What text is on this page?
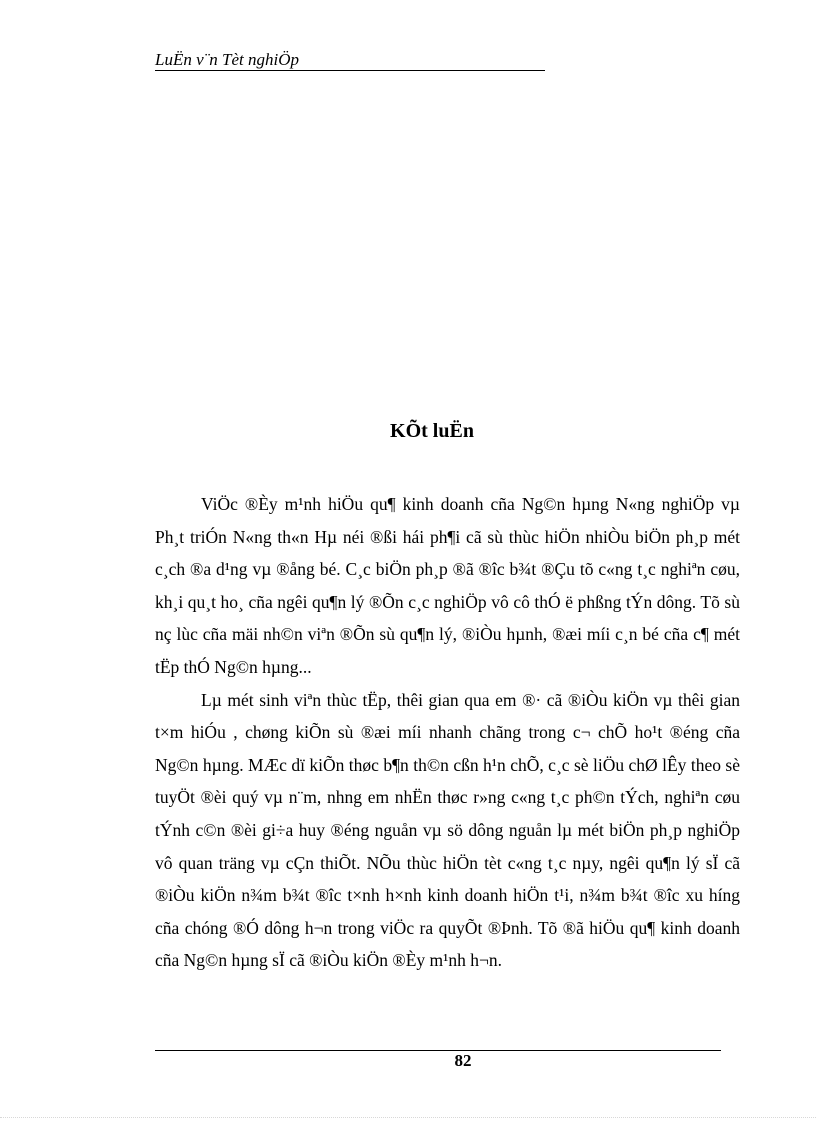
LuËn v¨n Tèt nghiÖp
KÕt luËn

ViÖc ®Èy m¹nh hiÖu qu¶ kinh doanh cña Ng©n hµng N«ng nghiÖp vµ Ph¸t triÓn N«ng th«n Hµ néi ®ßi hái ph¶i cã sù thùc hiÖn nhiÒu biÖn ph¸p mét c¸ch ®a d¹ng vµ ®ång bé. C¸c biÖn ph¸p ®ã ®îc b¾t ®Çu tõ c«ng t¸c nghiªn cøu, kh¸i qu¸t ho¸ cña ngêi qu¶n lý ®Õn c¸c nghiÖp vô cô thÓ ë phßng tÝn dông. Tõ sù nç lùc cña mäi nh©n viªn ®Õn sù qu¶n lý, ®iÒu hµnh, ®æi míi c¸n bé cña c¶ mét tËp thÓ Ng©n hµng...

Lµ mét sinh viªn thùc tËp, thêi gian qua em ®· cã ®iÒu kiÖn vµ thêi gian t×m hiÓu , chøng kiÕn sù ®æi míi nhanh chãng trong c¬ chÕ ho¹t ®éng cña Ng©n hµng. MÆc dï kiÕn thøc b¶n th©n cßn h¹n chÕ, c¸c sè liÖu chØ lÊy theo sè tuyÖt ®èi quý vµ n¨m, nhng em nhËn thøc r»ng c«ng t¸c ph©n tÝch, nghiªn cøu tÝnh c©n ®èi gi÷a huy ®éng nguån vµ sö dông nguån lµ mét biÖn ph¸p nghiÖp vô quan träng vµ cÇn thiÕt. NÕu thùc hiÖn tèt c«ng t¸c nµy, ngêi qu¶n lý sÏ cã ®iÒu kiÖn n¾m b¾t ®îc t×nh h×nh kinh doanh hiÖn t¹i, n¾m b¾t ®îc xu híng cña chóng ®Ó dông h¬n trong viÖc ra quyÕt ®Þnh. Tõ ®ã hiÖu qu¶ kinh doanh cña Ng©n hµng sÏ cã ®iÒu kiÖn ®Èy m¹nh h¬n.

82
